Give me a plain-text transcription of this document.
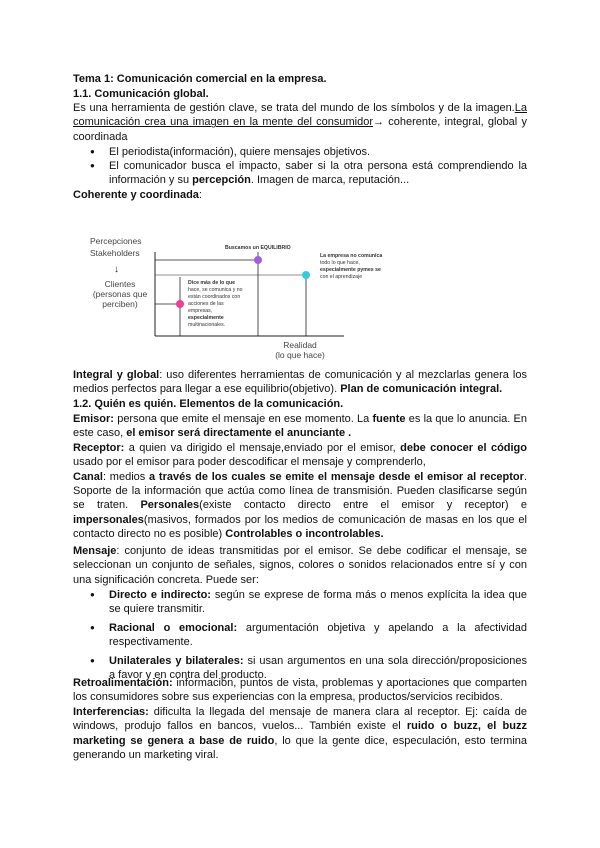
Tema 1: Comunicación comercial en la empresa.

1.1. Comunicación global.

Es una herramienta de gestión clave, se trata del mundo de los símbolos y de la imagen.La comunicación crea una imagen en la mente del consumidor→ coherente, integral, global y coordinada

● El periodista(información), quiere mensajes objetivos.
● El comunicador busca el impacto, saber si la otra persona está comprendiendo la información y su percepción. Imagen de marca, reputación...

Coherente y coordinada:

Percepciones
Stakeholders
↓
Clientes
(personas que
perciben)
Realidad
(lo que hace)
Buscamos un EQUILIBRIO
La empresa no comunica
todo lo que hace,
especialmente pymes se
con el aprendizaje
Dice más de lo que
hace, se comunica y no
están coordinados con
acciones de las
empresas,
especialmente
multinacionales.

Integral y global: uso diferentes herramientas de comunicación y al mezclarlas genera los medios perfectos para llegar a ese equilibrio(objetivo). Plan de comunicación integral.

1.2. Quién es quién. Elementos de la comunicación.

Emisor: persona que emite el mensaje en ese momento. La fuente es la que lo anuncia. En este caso, el emisor será directamente el anunciante .

Receptor: a quien va dirigido el mensaje,enviado por el emisor, debe conocer el código usado por el emisor para poder descodificar el mensaje y comprenderlo,

Canal: medios a través de los cuales se emite el mensaje desde el emisor al receptor. Soporte de la información que actúa como línea de transmisión. Pueden clasificarse según se traten. Personales(existe contacto directo entre el emisor y receptor) e impersonales(masivos, formados por los medios de comunicación de masas en los que el contacto directo no es posible) Controlables o incontrolables.

Mensaje: conjunto de ideas transmitidas por el emisor. Se debe codificar el mensaje, se seleccionan un conjunto de señales, signos, colores o sonidos relacionados entre sí y con una significación concreta. Puede ser:

● Directo e indirecto: según se exprese de forma más o menos explícita la idea que se quiere transmitir.
● Racional o emocional: argumentación objetiva y apelando a la afectividad respectivamente.
● Unilaterales y bilaterales: si usan argumentos en una sola dirección/proposiciones a favor y en contra del producto.

Retroalimentación: información, puntos de vista, problemas y aportaciones que comparten los consumidores sobre sus experiencias con la empresa, productos/servicios recibidos.

Interferencias: dificulta la llegada del mensaje de manera clara al receptor. Ej: caída de windows, produjo fallos en bancos, vuelos... También existe el ruido o buzz, el buzz marketing se genera a base de ruido, lo que la gente dice, especulación, esto termina generando un marketing viral.
